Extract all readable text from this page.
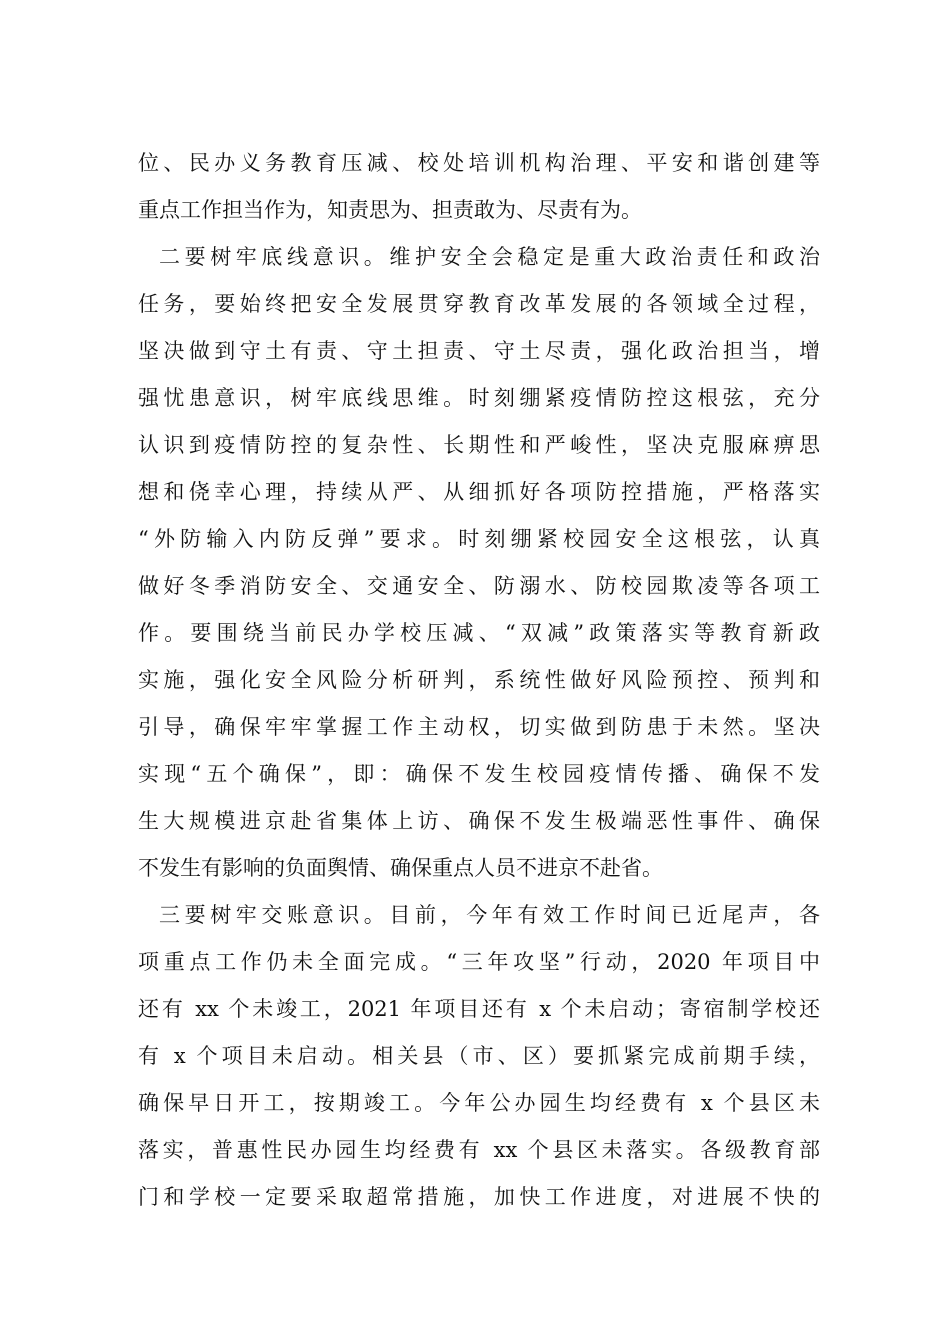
位、民办义务教育压减、校处培训机构治理、平安和谐创建等
重点工作担当作为，知责思为、担责敢为、尽责有为。
二要树牢底线意识。维护安全会稳定是重大政治责任和政治
任务，要始终把安全发展贯穿教育改革发展的各领域全过程，
坚决做到守土有责、守土担责、守土尽责，强化政治担当，增
强忧患意识，树牢底线思维。时刻绷紧疫情防控这根弦，充分
认识到疫情防控的复杂性、长期性和严峻性，坚决克服麻痹思
想和侥幸心理，持续从严、从细抓好各项防控措施，严格落实
“外防输入内防反弹”要求。时刻绷紧校园安全这根弦，认真
做好冬季消防安全、交通安全、防溺水、防校园欺凌等各项工
作。要围绕当前民办学校压减、“双减”政策落实等教育新政
实施，强化安全风险分析研判，系统性做好风险预控、预判和
引导，确保牢牢掌握工作主动权，切实做到防患于未然。坚决
实现“五个确保”，即：确保不发生校园疫情传播、确保不发
生大规模进京赴省集体上访、确保不发生极端恶性事件、确保
不发生有影响的负面舆情、确保重点人员不进京不赴省。
三要树牢交账意识。目前，今年有效工作时间已近尾声，各
项重点工作仍未全面完成。“三年攻坚”行动，2020 年项目中
还有 xx 个未竣工，2021 年项目还有 x 个未启动；寄宿制学校还
有 x 个项目未启动。相关县（市、区）要抓紧完成前期手续，
确保早日开工，按期竣工。今年公办园生均经费有 x 个县区未
落实，普惠性民办园生均经费有 xx 个县区未落实。各级教育部
门和学校一定要采取超常措施，加快工作进度，对进展不快的
